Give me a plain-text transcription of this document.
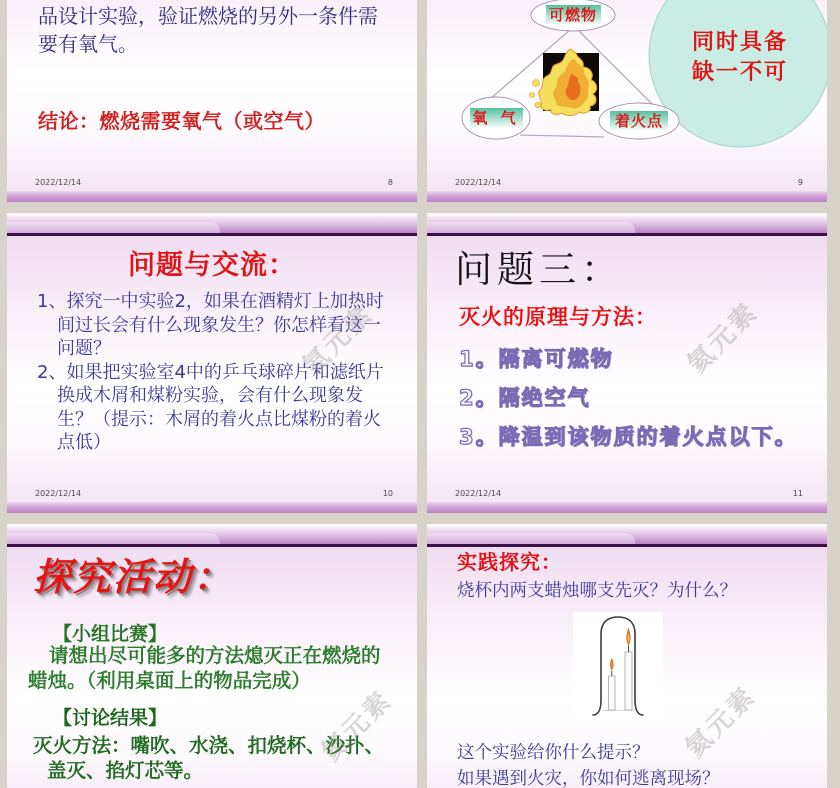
品设计实验，验证燃烧的另外一条件需要有氧气。
结论：燃烧需要氧气（或空气）
2022/12/14	8
同时具备
缺一不可
可燃物
氧 气	着火点
2022/12/14	9
问题与交流：

1、探究一中实验2，如果在酒精灯上加热时间过长会有什么现象发生？你怎样看这一问题？

2、如果把实验室4中的乒乓球碎片和滤纸片换成木屑和煤粉实验，会有什么现象发生？（提示：木屑的着火点比煤粉的着火点低）

2022/12/14	10
问题三：
灭火的原理与方法：
1。隔离可燃物
2。隔绝空气
3。降温到该物质的着火点以下。
2022/12/14	11
探究活动：
【小组比赛】

请想出尽可能多的方法熄灭正在燃烧的蜡烛。（利用桌面上的物品完成）

【讨论结果】

灭火方法：嘴吹、水浇、扣烧杯、沙扑、盖灭、掐灯芯等。

实践探究：
烧杯内两支蜡烛哪支先灭？为什么？
这个实验给你什么提示？
如果遇到火灾，你如何逃离现场？
氦元素	氦元素
氦元素	氦元素
